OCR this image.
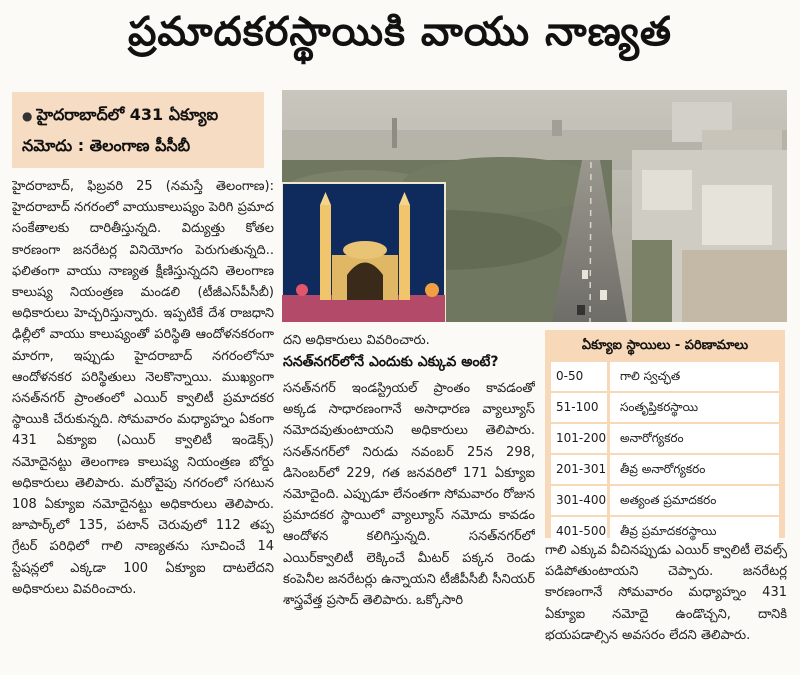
ప్రమాదకరస్థాయికి వాయు నాణ్యత
● హైదరాబాద్‌లో 431 ఏక్యూఐ
నమోదు : తెలంగాణ పీసీబీ

హైదరాబాద్, ఫిబ్రవరి 25 (నమస్తే తెలంగాణ): హైదరాబాద్ నగరంలో వాయుకాలుష్యం పెరిగి ప్రమాద సంకేతాలకు దారితీస్తున్నది. విద్యుత్తు కోతల కారణంగా జనరేటర్ల వినియోగం పెరుగుతున్నది.. ఫలితంగా వాయు నాణ్యత క్షీణిస్తున్నదని తెలంగాణ కాలుష్య నియంత్రణ మండలి (టీజీఎస్‌పీసీబీ) అధికారులు హెచ్చరిస్తున్నారు. ఇప్పటికే దేశ రాజధాని ఢిల్లీలో వాయు కాలుష్యంతో పరిస్థితి ఆందోళనకరంగా మారగా, ఇప్పుడు హైదరాబాద్ నగరంలోనూ ఆందోళనకర పరిస్థితులు నెలకొన్నాయి. ముఖ్యంగా సనత్‌నగర్ ప్రాంతంలో ఎయిర్ క్వాలిటీ ప్రమాదకర స్థాయికి చేరుకున్నది. సోమవారం మధ్యాహ్నం ఏకంగా 431 ఏక్యూఐ (ఎయిర్ క్వాలిటీ ఇండెక్స్) నమోదైనట్టు తెలంగాణ కాలుష్య నియంత్రణ బోర్డు అధికారులు తెలిపారు. మరోవైపు నగరంలో సగటున 108 ఏక్యూఐ నమోదైనట్టు అధికారులు తెలిపారు. జూపార్క్‌లో 135, పటాన్ చెరువులో 112 తప్ప గ్రేటర్ పరిధిలో గాలి నాణ్యతను సూచించే 14 స్టేషన్లలో ఎక్కడా 100 ఏక్యూఐ దాటలేదని అధికారులు వివరించారు.

దని అధికారులు వివరించారు.

సనత్‌నగర్‌లోనే ఎందుకు ఎక్కువ అంటే?

సనత్‌నగర్ ఇండస్ట్రియల్ ప్రాంతం కావడంతో అక్కడ సాధారణంగానే అసాధారణ వ్యాల్యూస్ నమోదవుతుంటాయని అధికారులు తెలిపారు. సనత్‌నగర్‌లో నిరుడు నవంబర్ 25న 298, డిసెంబర్‌లో 229, గత జనవరిలో 171 ఏక్యూఐ నమోదైంది. ఎప్పుడూ లేనంతగా సోమవారం రోజున ప్రమాదకర స్థాయిలో వ్యాల్యూస్ నమోదు కావడం ఆందోళన కలిగిస్తున్నది. సనత్‌నగర్‌లో ఎయిర్‌క్వాలిటీ లెక్కించే మీటర్ పక్కన రెండు కంపెనీల జనరేటర్లు ఉన్నాయని టీజీపీసీబీ సీనియర్ శాస్త్రవేత్త ప్రసాద్ తెలిపారు. ఒక్కోసారి

ఏక్యూఐ స్థాయిలు - పరిణామాలు
0-50	గాలి స్వచ్ఛత
51-100	సంతృప్తికరస్థాయి
101-200	అనారోగ్యకరం
201-301	తీవ్ర అనారోగ్యకరం
301-400	అత్యంత ప్రమాదకరం
401-500	తీవ్ర ప్రమాదకరస్థాయి

గాలి ఎక్కువ వీచినప్పుడు ఎయిర్ క్వాలిటీ లెవల్స్ పడిపోతుంటాయని చెప్పారు. జనరేటర్ల కారణంగానే సోమవారం మధ్యాహ్నం 431 ఏక్యూఐ నమోదై ఉండొచ్చని, దానికి భయపడాల్సిన అవసరం లేదని తెలిపారు.
